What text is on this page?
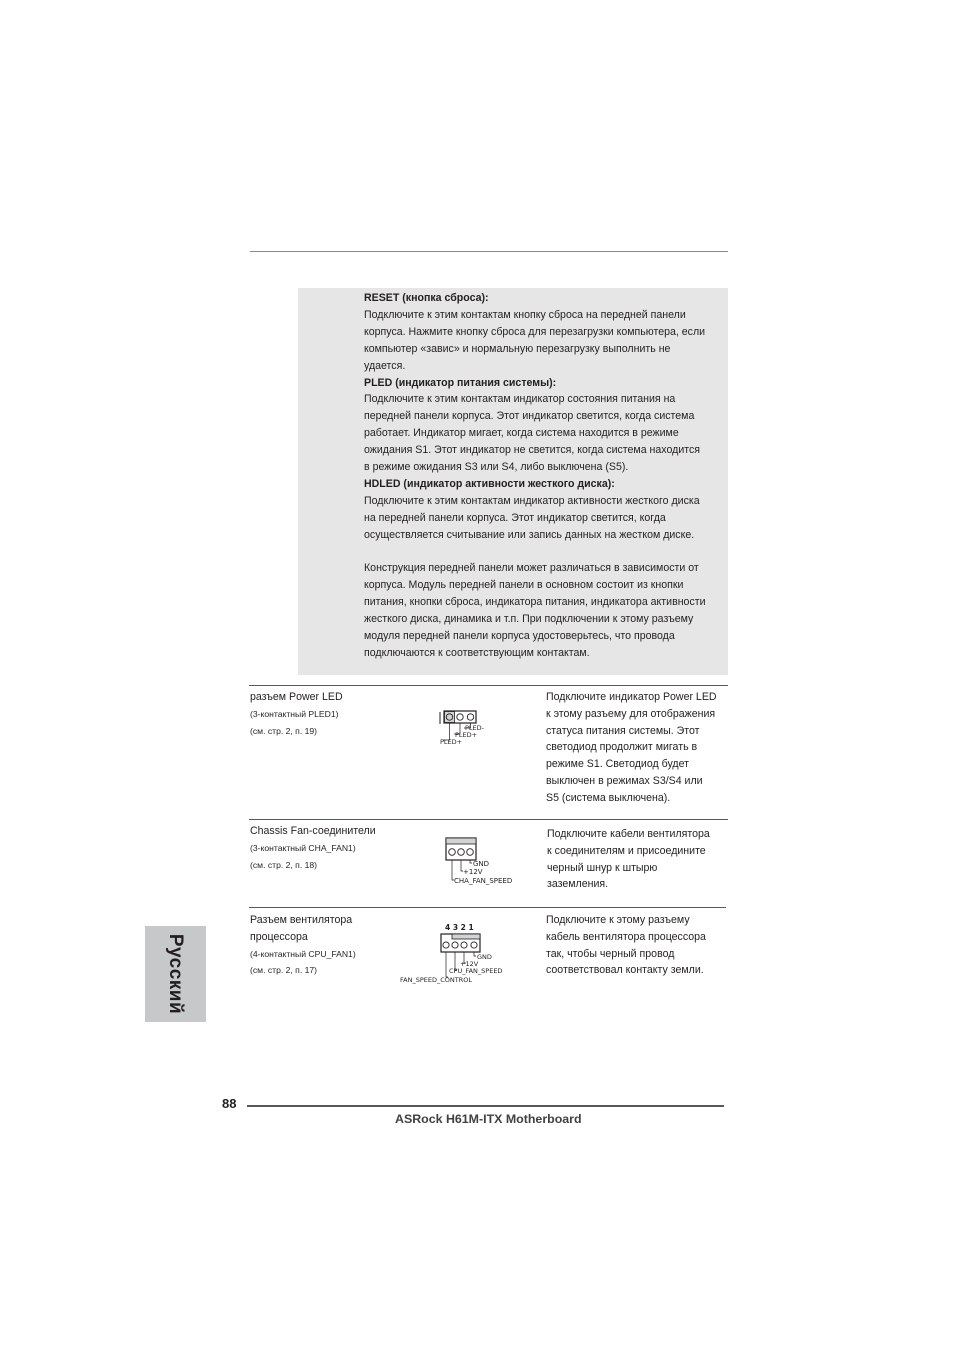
RESET (кнопка сброса):

Подключите к этим контактам кнопку сброса на передней панели

корпуса. Нажмите кнопку сброса для перезагрузки компьютера, если

компьютер «завис» и нормальную перезагрузку выполнить не

удается.

PLED (индикатор питания системы):

Подключите к этим контактам индикатор состояния питания на

передней панели корпуса. Этот индикатор светится, когда система

работает. Индикатор мигает, когда система находится в режиме

ожидания S1. Этот индикатор не светится, когда система находится

в режиме ожидания S3 или S4, либо выключена (S5).

HDLED (индикатор активности жесткого диска):

Подключите к этим контактам индикатор активности жесткого диска

на передней панели корпуса. Этот индикатор светится, когда

осуществляется считывание или запись данных на жестком диске.

Конструкция передней панели может различаться в зависимости от

корпуса. Модуль передней панели в основном состоит из кнопки

питания, кнопки сброса, индикатора питания, индикатора активности

жесткого диска, динамика и т.п. При подключении к этому разъему

модуля передней панели корпуса удостоверьтесь, что провода

подключаются к соответствующим контактам.

разъем Power LED
(3-контактный PLED1)
(см. стр. 2, п. 19)	PLED-
PLED+
PLED+
Подключите индикатор Power LED
к этому разъему для отображения
статуса питания системы. Этот
светодиод продолжит мигать в
режиме S1. Светодиод будет
выключен в режимах S3/S4 или
S5 (система выключена).
Chassis Fan-соединители
(3-контактный CHA_FAN1)
(см. стр. 2, п. 18)	GND
+12V
CHA_FAN_SPEED
Подключите кабели вентилятора
к соединителям и присоедините
черный шнур к штырю
заземления.
Разъем вентилятора
процессора
(4-контактный CPU_FAN1)
(см. стр. 2, п. 17)
4 3 2 1
GND
+12V
CPU_FAN_SPEED
FAN_SPEED_CONTROL
Подключите к этому разъему
кабель вентилятора процессора
так, чтобы черный провод
соответствовал контакту земли.
Русский
88
ASRock H61M-ITX Motherboard
